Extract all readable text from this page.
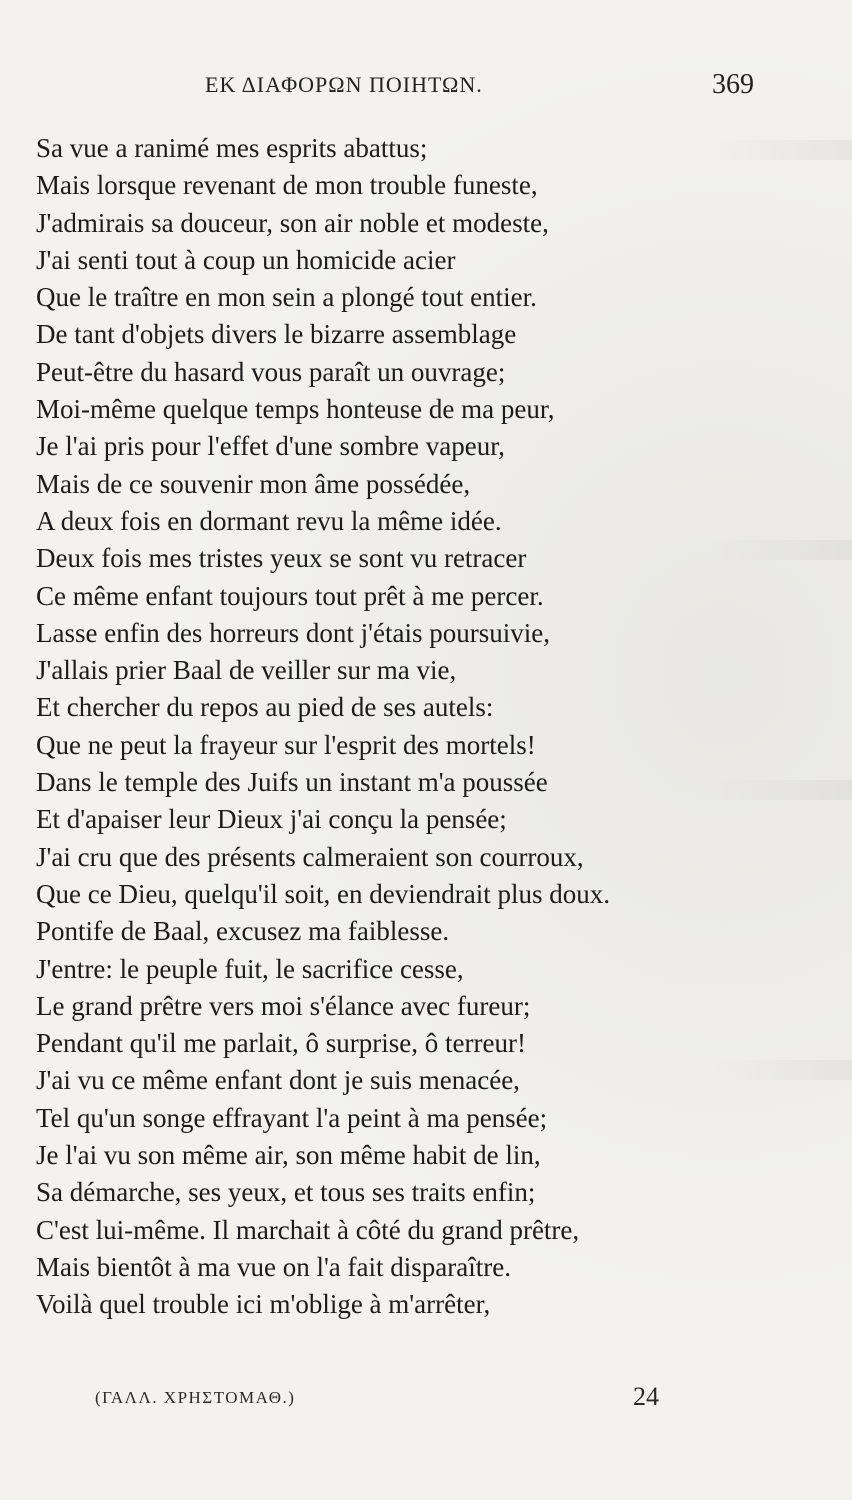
ΕΚ ΔΙΑΦΟΡΩΝ ΠΟΙΗΤΩΝ.	369
Sa vue a ranimé mes esprits abattus;
Mais lorsque revenant de mon trouble funeste,
J'admirais sa douceur, son air noble et modeste,
J'ai senti tout à coup un homicide acier
Que le traître en mon sein a plongé tout entier.
De tant d'objets divers le bizarre assemblage
Peut-être du hasard vous paraît un ouvrage;
Moi-même quelque temps honteuse de ma peur,
Je l'ai pris pour l'effet d'une sombre vapeur,
Mais de ce souvenir mon âme possédée,
A deux fois en dormant revu la même idée.
Deux fois mes tristes yeux se sont vu retracer
Ce même enfant toujours tout prêt à me percer.
Lasse enfin des horreurs dont j'étais poursuivie,
J'allais prier Baal de veiller sur ma vie,
Et chercher du repos au pied de ses autels:
Que ne peut la frayeur sur l'esprit des mortels!
Dans le temple des Juifs un instant m'a poussée
Et d'apaiser leur Dieux j'ai conçu la pensée;
J'ai cru que des présents calmeraient son courroux,
Que ce Dieu, quelqu'il soit, en deviendrait plus doux.
Pontife de Baal, excusez ma faiblesse.
J'entre: le peuple fuit, le sacrifice cesse,
Le grand prêtre vers moi s'élance avec fureur;
Pendant qu'il me parlait, ô surprise, ô terreur!
J'ai vu ce même enfant dont je suis menacée,
Tel qu'un songe effrayant l'a peint à ma pensée;
Je l'ai vu son même air, son même habit de lin,
Sa démarche, ses yeux, et tous ses traits enfin;
C'est lui-même. Il marchait à côté du grand prêtre,
Mais bientôt à ma vue on l'a fait disparaître.
Voilà quel trouble ici m'oblige à m'arrêter,
(ΓΑΛΛ. ΧΡΗΣΤΟΜΑΘ.)	24
